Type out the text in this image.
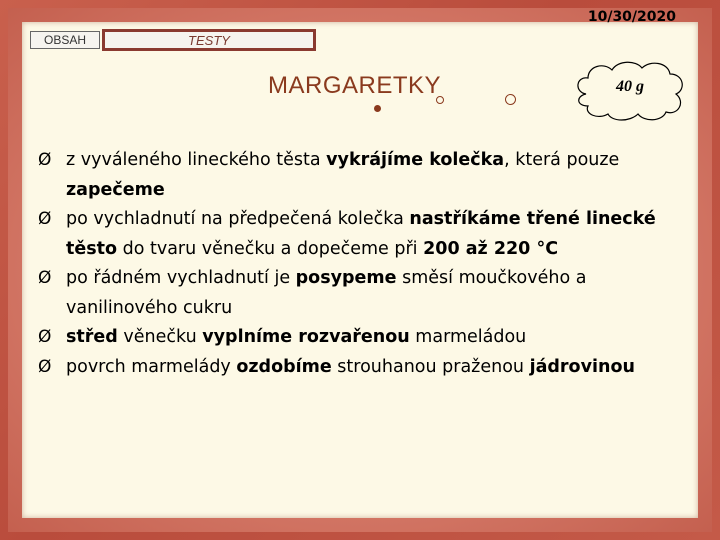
10/30/2020
OBSAH	TESTY
MARGARETKY	40 g
Ø z vyváleného lineckého těsta vykrájíme kolečka, která pouze zapečeme
Ø po vychladnutí na předpečená kolečka nastříkáme třené linecké těsto do tvaru věnečku a dopečeme při 200 až 220 °C
Ø po řádném vychladnutí je posypeme směsí moučkového a vanilinového cukru
Ø střed věnečku vyplníme rozvařenou marmeládou
Ø povrch marmelády ozdobíme strouhanou praženou jádrovinou
